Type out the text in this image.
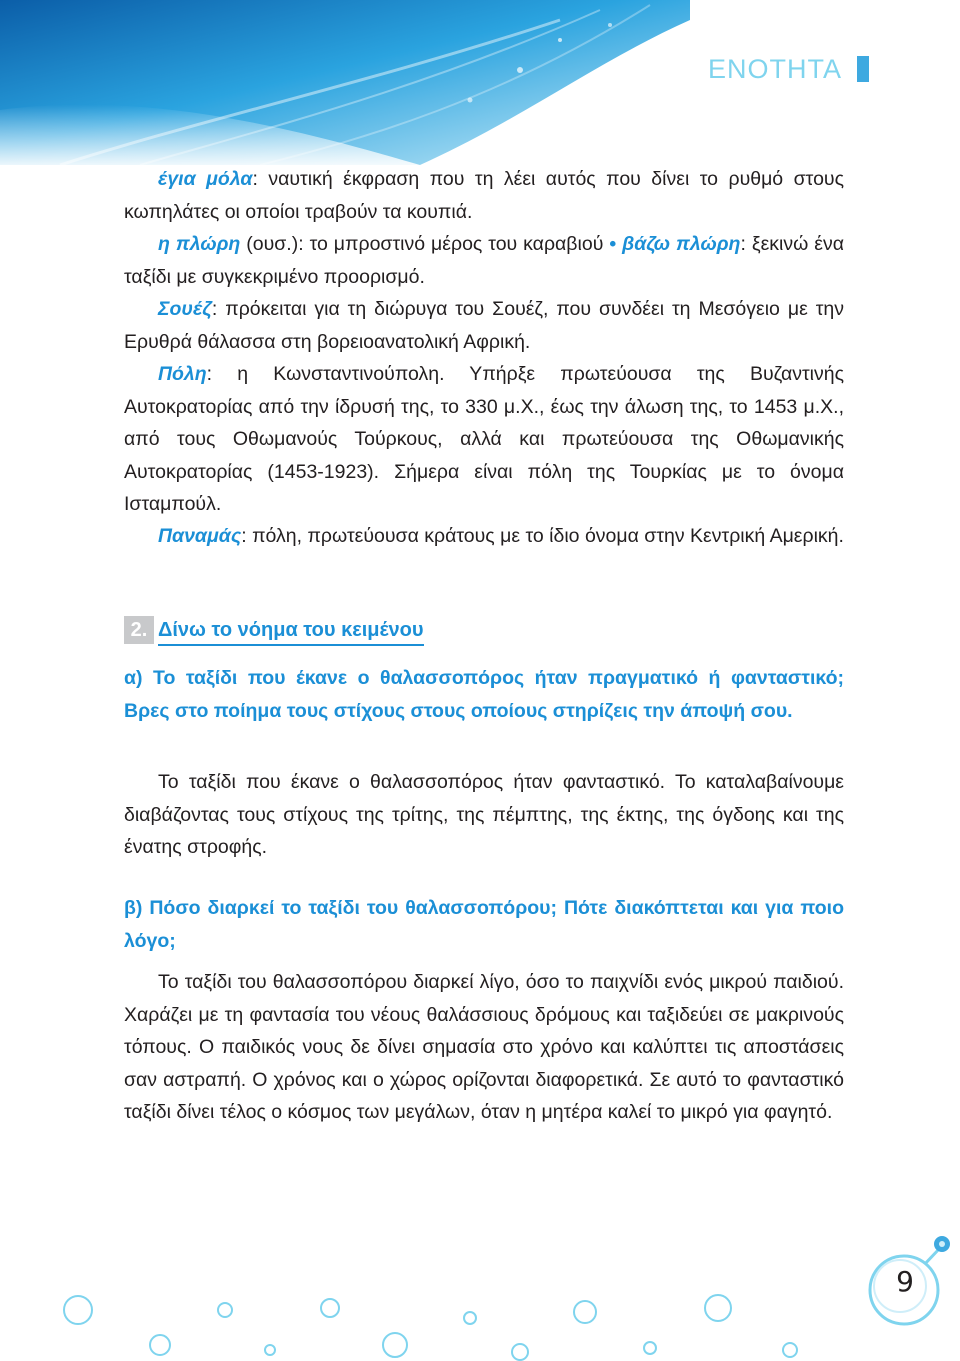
ΕΝΟΤΗΤΑ
έγια μόλα: ναυτική έκφραση που τη λέει αυτός που δίνει το ρυθμό στους κωπηλάτες οι οποίοι τραβούν τα κουπιά.
η πλώρη (ουσ.): το μπροστινό μέρος του καραβιού • βάζω πλώρη: ξεκινώ ένα ταξίδι με συγκεκριμένο προορισμό.
Σουέζ: πρόκειται για τη διώρυγα του Σουέζ, που συνδέει τη Μεσόγειο με την Ερυθρά θάλασσα στη βορειοανατολική Αφρική.
Πόλη: η Κωνσταντινούπολη. Υπήρξε πρωτεύουσα της Βυζαντινής Αυτοκρατορίας από την ίδρυσή της, το 330 μ.Χ., έως την άλωση της, το 1453 μ.Χ., από τους Οθωμανούς Τούρκους, αλλά και πρωτεύουσα της Οθωμανικής Αυτοκρατορίας (1453-1923). Σήμερα είναι πόλη της Τουρκίας με το όνομα Ισταμπούλ.
Παναμάς: πόλη, πρωτεύουσα κράτους με το ίδιο όνομα στην Κεντρική Αμερική.
2. Δίνω το νόημα του κειμένου
α) Το ταξίδι που έκανε ο θαλασσοπόρος ήταν πραγματικό ή φανταστικό; Βρες στο ποίημα τους στίχους στους οποίους στηρίζεις την άποψή σου.
Το ταξίδι που έκανε ο θαλασσοπόρος ήταν φανταστικό. Το καταλαβαίνουμε διαβάζοντας τους στίχους της τρίτης, της πέμπτης, της έκτης, της όγδοης και της ένατης στροφής.
β) Πόσο διαρκεί το ταξίδι του θαλασσοπόρου; Πότε διακόπτεται και για ποιο λόγο;
Το ταξίδι του θαλασσοπόρου διαρκεί λίγο, όσο το παιχνίδι ενός μικρού παιδιού. Χαράζει με τη φαντασία του νέους θαλάσσιους δρόμους και ταξιδεύει σε μακρινούς τόπους. Ο παιδικός νους δε δίνει σημασία στο χρόνο και καλύπτει τις αποστάσεις σαν αστραπή. Ο χρόνος και ο χώρος ορίζονται διαφορετικά. Σε αυτό το φανταστικό ταξίδι δίνει τέλος ο κόσμος των μεγάλων, όταν η μητέρα καλεί το μικρό για φαγητό.
9
